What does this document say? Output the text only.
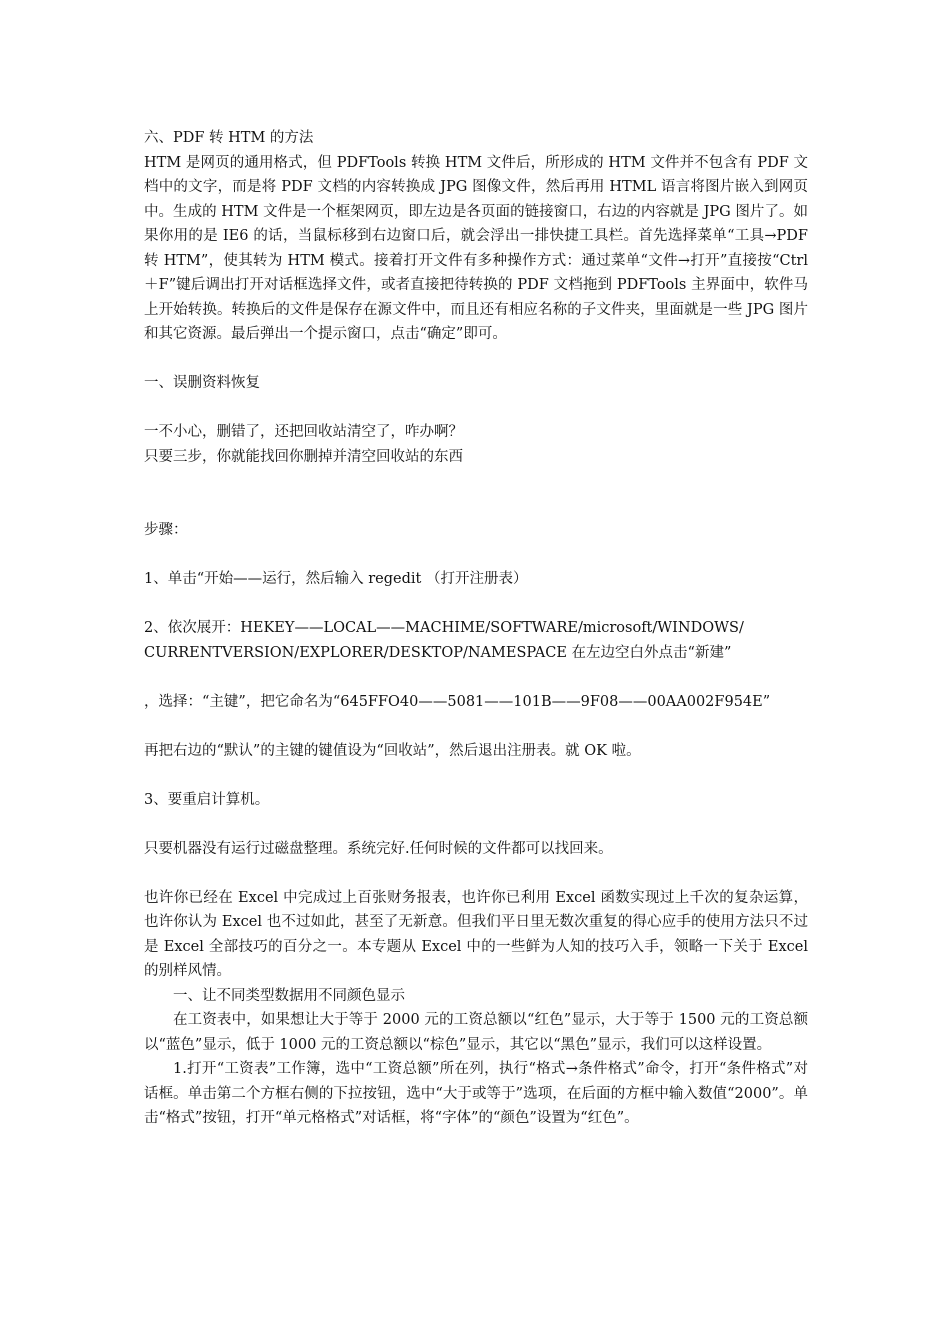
六、PDF 转 HTM 的方法

HTM 是网页的通用格式，但 PDFTools 转换 HTM 文件后，所形成的 HTM 文件并不包含有 PDF 文档中的文字，而是将 PDF 文档的内容转换成 JPG 图像文件，然后再用 HTML 语言将图片嵌入到网页中。生成的 HTM 文件是一个框架网页，即左边是各页面的链接窗口，右边的内容就是 JPG 图片了。如果你用的是 IE6 的话，当鼠标移到右边窗口后，就会浮出一排快捷工具栏。首先选择菜单“工具→PDF 转 HTM”，使其转为 HTM 模式。接着打开文件有多种操作方式：通过菜单“文件→打开”直接按“Ctrl＋F”键后调出打开对话框选择文件，或者直接把待转换的 PDF 文档拖到 PDFTools 主界面中，软件马上开始转换。转换后的文件是保存在源文件中，而且还有相应名称的子文件夹，里面就是一些 JPG 图片和其它资源。最后弹出一个提示窗口，点击“确定”即可。

一、误删资料恢复

一不小心，删错了，还把回收站清空了，咋办啊？

只要三步，你就能找回你删掉并清空回收站的东西

步骤：

1、单击“开始——运行，然后输入 regedit （打开注册表）

2、依次展开：HEKEY——LOCAL——MACHIME/SOFTWARE/microsoft/WINDOWS/

CURRENTVERSION/EXPLORER/DESKTOP/NAMESPACE 在左边空白外点击“新建”

，选择：“主键”，把它命名为“645FFO40——5081——101B——9F08——00AA002F954E”

再把右边的“默认”的主键的键值设为“回收站”，然后退出注册表。就 OK 啦。

3、要重启计算机。

只要机器没有运行过磁盘整理。系统完好.任何时候的文件都可以找回来。

也许你已经在 Excel 中完成过上百张财务报表，也许你已利用 Excel 函数实现过上千次的复杂运算，也许你认为 Excel 也不过如此，甚至了无新意。但我们平日里无数次重复的得心应手的使用方法只不过是 Excel 全部技巧的百分之一。本专题从 Excel 中的一些鲜为人知的技巧入手，领略一下关于 Excel 的别样风情。

一、让不同类型数据用不同颜色显示

在工资表中，如果想让大于等于 2000 元的工资总额以“红色”显示，大于等于 1500 元的工资总额以“蓝色”显示，低于 1000 元的工资总额以“棕色”显示，其它以“黑色”显示，我们可以这样设置。

1.打开“工资表”工作簿，选中“工资总额”所在列，执行“格式→条件格式”命令，打开“条件格式”对话框。单击第二个方框右侧的下拉按钮，选中“大于或等于”选项，在后面的方框中输入数值“2000”。单击“格式”按钮，打开“单元格格式”对话框，将“字体”的“颜色”设置为“红色”。
